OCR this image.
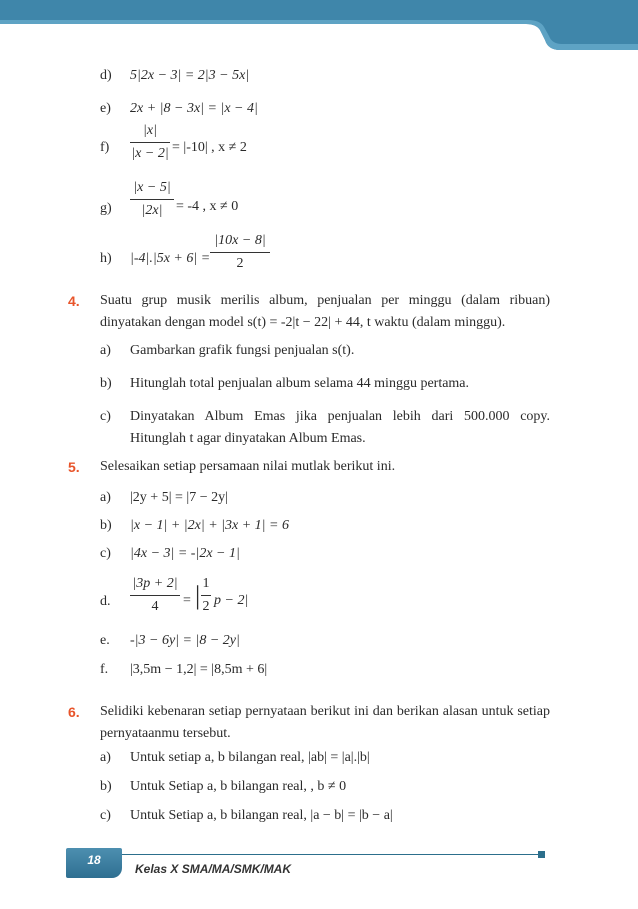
d) 5|2x − 3| = 2|3 − 5x|
e) 2x + |8 − 3x| = |x − 4|
f)
|x|
|x − 2| = |-10| , x ≠ 2
g)
|x − 5|
|2x| = -4 , x ≠ 0
h) |-4|.|5x + 6| =
|10x − 8|
2
4. Suatu grup musik merilis album, penjualan per minggu (dalam ribuan) dinyatakan dengan model s(t) = -2|t − 22| + 44, t waktu (dalam minggu).
a) Gambarkan grafik fungsi penjualan s(t).
b) Hitunglah total penjualan album selama 44 minggu pertama.
c) Dinyatakan Album Emas jika penjualan lebih dari 500.000 copy. Hitunglah t agar dinyatakan Album Emas.
5. Selesaikan setiap persamaan nilai mutlak berikut ini.
a) |2y + 5| = |7 − 2y|
b) |x − 1| + |2x| + |3x + 1| = 6
c) |4x − 3| = -|2x − 1|
d.
|3p + 2|
4	= | 1
2 p − 2|
e. -|3 − 6y| = |8 − 2y|
f. |3,5m − 1,2| = |8,5m + 6|
6. Selidiki kebenaran setiap pernyataan berikut ini dan berikan alasan untuk setiap pernyataanmu tersebut.
a) Untuk setiap a, b bilangan real, |ab| = |a|.|b|
b) Untuk Setiap a, b bilangan real, , b ≠ 0
c) Untuk Setiap a, b bilangan real, |a − b| = |b − a|
18
Kelas X SMA/MA/SMK/MAK
